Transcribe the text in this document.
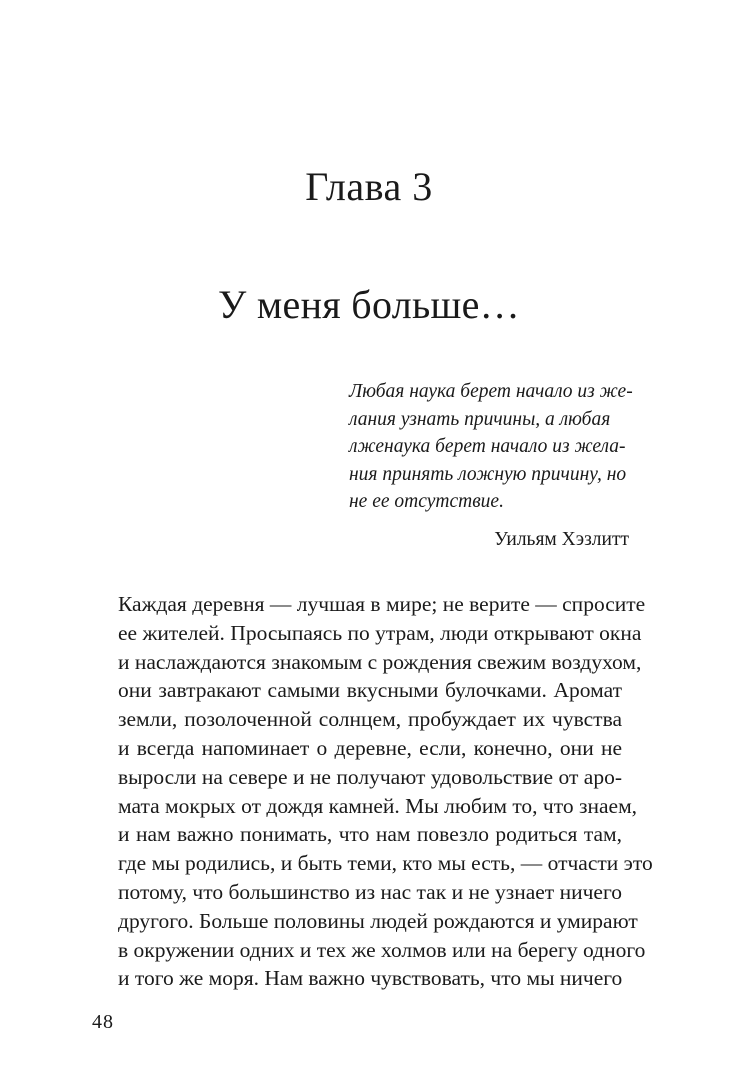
Глава 3
У меня больше…
Любая наука берет начало из же-
лания узнать причины, а любая
лженаука берет начало из жела-
ния принять ложную причину, но
не ее отсутствие.
Уильям Хэзлитт
Каждая деревня — лучшая в мире; не верите — спросите
ее жителей. Просыпаясь по утрам, люди открывают окна
и наслаждаются знакомым с рождения свежим воздухом,
они завтракают самыми вкусными булочками. Аромат
земли, позолоченной солнцем, пробуждает их чувства
и всегда напоминает о деревне, если, конечно, они не
выросли на севере и не получают удовольствие от аро-
мата мокрых от дождя камней. Мы любим то, что знаем,
и нам важно понимать, что нам повезло родиться там,
где мы родились, и быть теми, кто мы есть, — отчасти это
потому, что большинство из нас так и не узнает ничего
другого. Больше половины людей рождаются и умирают
в окружении одних и тех же холмов или на берегу одного
и того же моря. Нам важно чувствовать, что мы ничего
48
